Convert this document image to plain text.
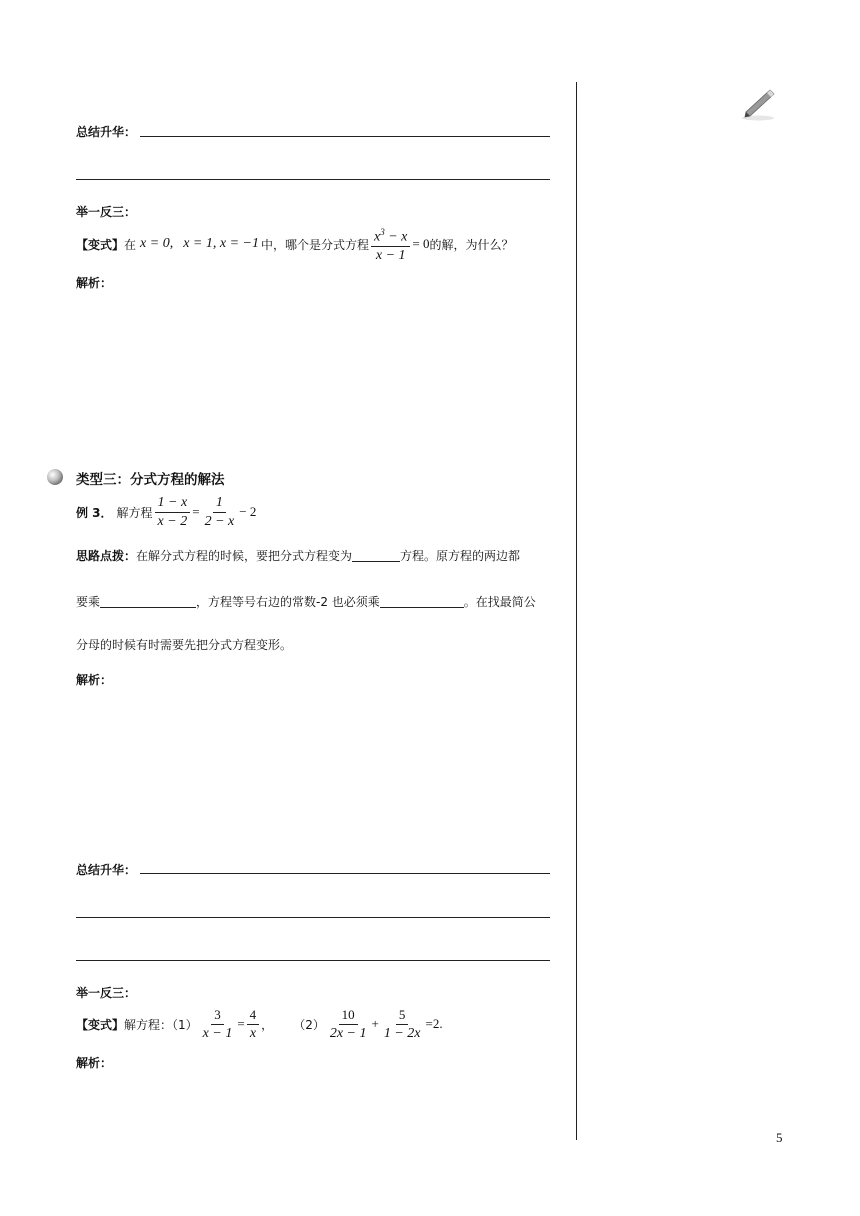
总结升华：
举一反三：
【变式】 在 x = 0, x = 1, x = −1 中，哪个是分式方程 $\frac{x^3 - x}{x - 1} = 0$ 的解，为什么？
解析：
类型三：分式方程的解法
例 3． 解方程 $\frac{1 - x}{x - 2} = \frac{1}{2 - x} - 2$
思路点拨： 在解分式方程的时候，要把分式方程变为	方程。原方程的两边都
要乘	，方程等号右边的常数-2 也必须乘	。在找最简公
分母的时候有时需要先把分式方程变形。
解析：
总结升华：
举一反三：
【变式】 解方程：$(1) \frac{3}{x - 1} = \frac{4}{x}$ ， $(2) \frac{10}{2x - 1} + \frac{5}{1 - 2x} =2$.
解析：
5
